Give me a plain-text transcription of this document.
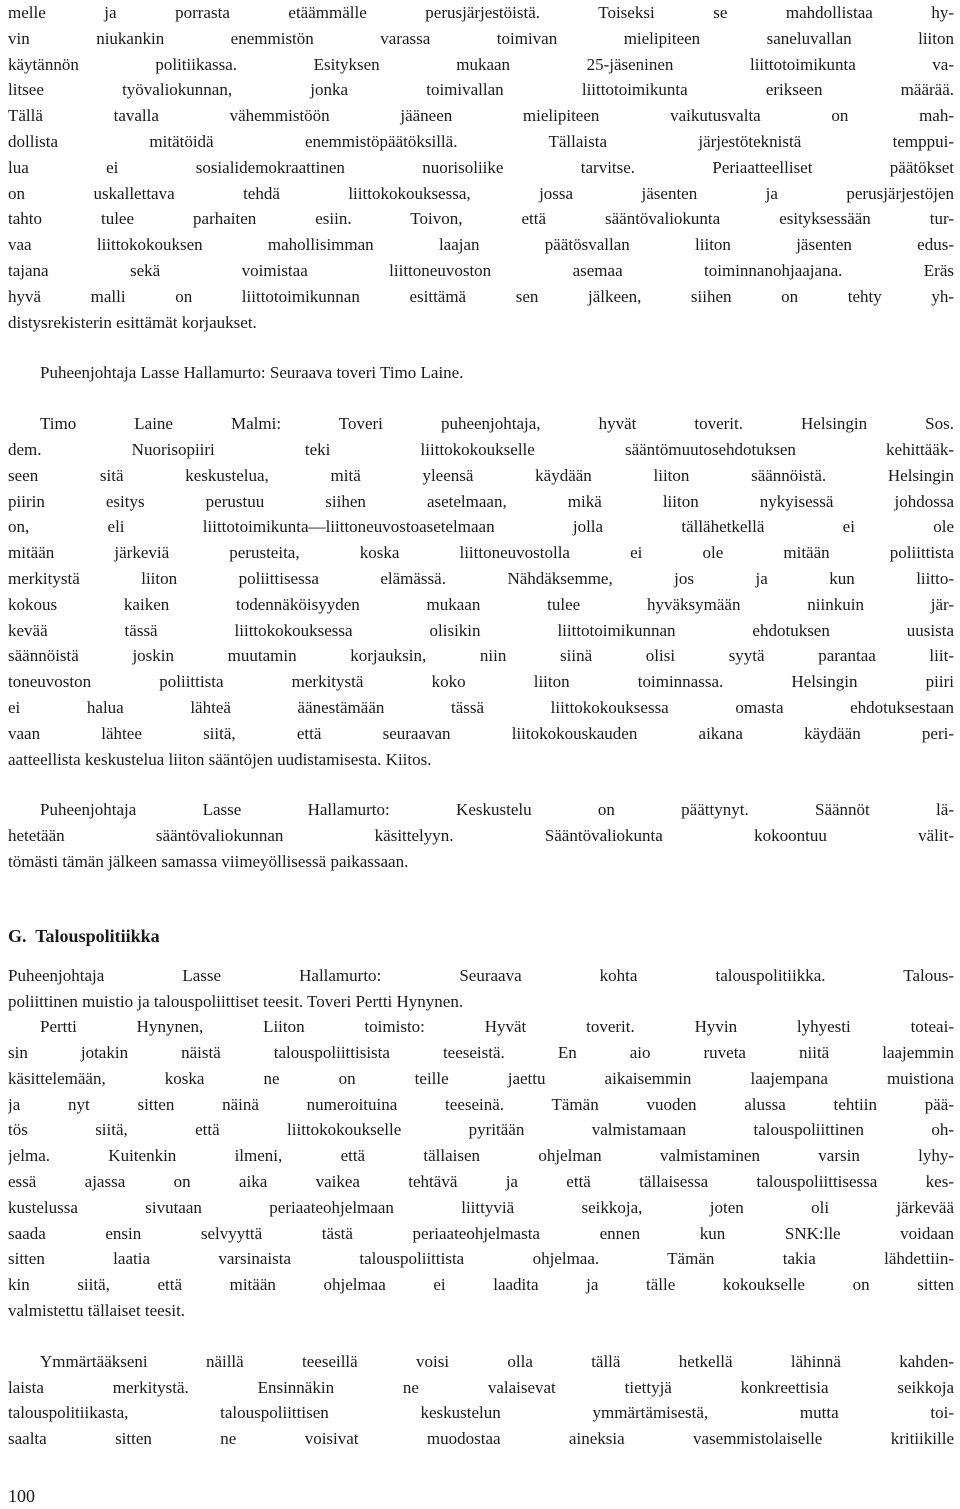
melle ja porrasta etäämmälle perusjärjestöistä. Toiseksi se mahdollistaa hy-
vin niukankin enemmistön varassa toimivan mielipiteen saneluvallan liiton
käytännön politiikassa. Esityksen mukaan 25-jäseninen liittotoimikunta va-
litsee työvaliokunnan, jonka toimivallan liittotoimikunta erikseen määrää.
Tällä tavalla vähemmistöön jääneen mielipiteen vaikutusvalta on mah-
dollista mitätöidä enemmistöpäätöksillä. Tällaista järjestöteknistä temppui-
lua ei sosialidemokraattinen nuorisoliike tarvitse. Periaatteelliset päätökset
on uskallettava tehdä liittokokouksessa, jossa jäsenten ja perusjärjestöjen
tahto tulee parhaiten esiin. Toivon, että sääntövaliokunta esityksessään tur-
vaa liittokokouksen mahollisimman laajan päätösvallan liiton jäsenten edus-
tajana sekä voimistaa liittoneuvoston asemaa toiminnanohjaajana. Eräs
hyvä malli on liittotoimikunnan esittämä sen jälkeen, siihen on tehty yh-
distysrekisterin esittämät korjaukset.
Puheenjohtaja Lasse Hallamurto: Seuraava toveri Timo Laine.
Timo Laine Malmi: Toveri puheenjohtaja, hyvät toverit. Helsingin Sos.
dem. Nuorisopiiri teki liittokokoukselle sääntömuutosehdotuksen kehittääk-
seen sitä keskustelua, mitä yleensä käydään liiton säännöistä. Helsingin
piirin esitys perustuu siihen asetelmaan, mikä liiton nykyisessä johdossa
on, eli liittotoimikunta—liittoneuvostoasetelmaan jolla tällähetkellä ei ole
mitään järkeviä perusteita, koska liittoneuvostolla ei ole mitään poliittista
merkitystä liiton poliittisessa elämässä. Nähdäksemme, jos ja kun liitto-
kokous kaiken todennäköisyyden mukaan tulee hyväksymään niinkuin jär-
kevää tässä liittokokouksessa olisikin liittotoimikunnan ehdotuksen uusista
säännöistä joskin muutamin korjauksin, niin siinä olisi syytä parantaa liit-
toneuvoston poliittista merkitystä koko liiton toiminnassa. Helsingin piiri
ei halua lähteä äänestämään tässä liittokokouksessa omasta ehdotuksestaan
vaan lähtee siitä, että seuraavan liitokokouskauden aikana käydään peri-
aatteellista keskustelua liiton sääntöjen uudistamisesta. Kiitos.
Puheenjohtaja Lasse Hallamurto: Keskustelu on päättynyt. Säännöt lä-
hetetään sääntövaliokunnan käsittelyyn. Sääntövaliokunta kokoontuu välit-
tömästi tämän jälkeen samassa viimeyöllisessä paikassaan.
G. Talouspolitiikka
Puheenjohtaja Lasse Hallamurto: Seuraava kohta talouspolitiikka. Talous-
poliittinen muistio ja talouspoliittiset teesit. Toveri Pertti Hynynen.
Pertti Hynynen, Liiton toimisto: Hyvät toverit. Hyvin lyhyesti toteai-
sin jotakin näistä talouspoliittisista teeseistä. En aio ruveta niitä laajemmin
käsittelemään, koska ne on teille jaettu aikaisemmin laajempana muistiona
ja nyt sitten näinä numeroituina teeseinä. Tämän vuoden alussa tehtiin pää-
tös siitä, että liittokokoukselle pyritään valmistamaan talouspoliittinen oh-
jelma. Kuitenkin ilmeni, että tällaisen ohjelman valmistaminen varsin lyhy-
essä ajassa on aika vaikea tehtävä ja että tällaisessa talouspoliittisessa kes-
kustelussa sivutaan periaateohjelmaan liittyviä seikkoja, joten oli järkevää
saada ensin selvyyttä tästä periaateohjelmasta ennen kun SNK:lle voidaan
sitten laatia varsinaista talouspoliittista ohjelmaa. Tämän takia lähdettiin-
kin siitä, että mitään ohjelmaa ei laadita ja tälle kokoukselle on sitten
valmistettu tällaiset teesit.
Ymmärtääkseni näillä teeseillä voisi olla tällä hetkellä lähinnä kahden-
laista merkitystä. Ensinnäkin ne valaisevat tiettyjä konkreettisia seikkoja
talouspolitiikasta, talouspoliittisen keskustelun ymmärtämisestä, mutta toi-
saalta sitten ne voisivat muodostaa aineksia vasemmistolaiselle kritiikille
100
